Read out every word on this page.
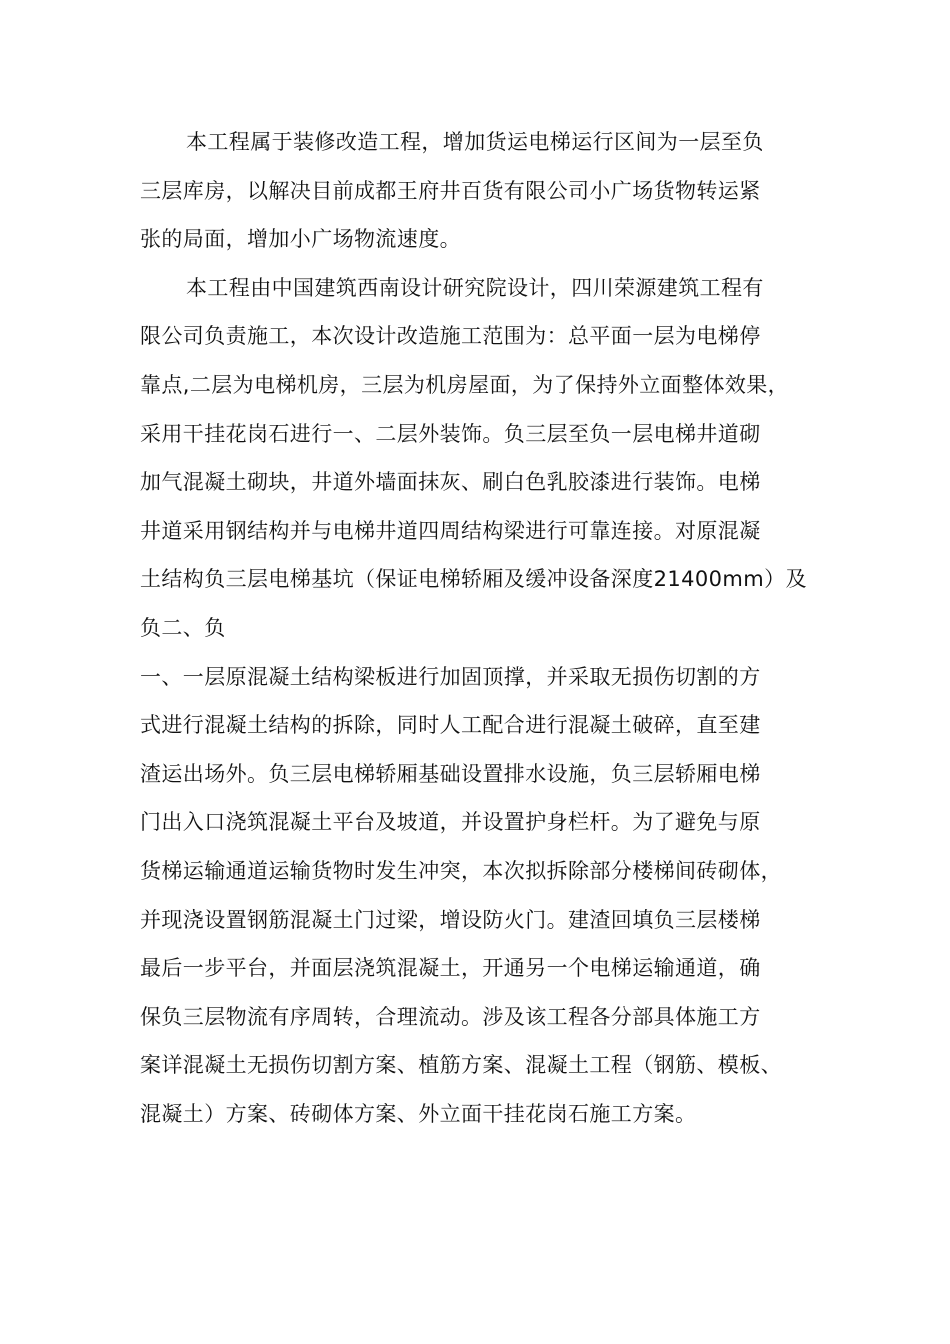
本工程属于装修改造工程，增加货运电梯运行区间为一层至负
三层库房，以解决目前成都王府井百货有限公司小广场货物转运紧
张的局面，增加小广场物流速度。
本工程由中国建筑西南设计研究院设计，四川荣源建筑工程有
限公司负责施工，本次设计改造施工范围为：总平面一层为电梯停
靠点,二层为电梯机房，三层为机房屋面，为了保持外立面整体效果，
采用干挂花岗石进行一、二层外装饰。负三层至负一层电梯井道砌
加气混凝土砌块，井道外墙面抹灰、刷白色乳胶漆进行装饰。电梯
井道采用钢结构并与电梯井道四周结构梁进行可靠连接。对原混凝
土结构负三层电梯基坑（保证电梯轿厢及缓冲设备深度21400mm）及
负二、负
一、一层原混凝土结构梁板进行加固顶撑，并采取无损伤切割的方
式进行混凝土结构的拆除，同时人工配合进行混凝土破碎，直至建
渣运出场外。负三层电梯轿厢基础设置排水设施，负三层轿厢电梯
门出入口浇筑混凝土平台及坡道，并设置护身栏杆。为了避免与原
货梯运输通道运输货物时发生冲突，本次拟拆除部分楼梯间砖砌体，
并现浇设置钢筋混凝土门过梁，增设防火门。建渣回填负三层楼梯
最后一步平台，并面层浇筑混凝土，开通另一个电梯运输通道，确
保负三层物流有序周转，合理流动。涉及该工程各分部具体施工方
案详混凝土无损伤切割方案、植筋方案、混凝土工程（钢筋、模板、
混凝土）方案、砖砌体方案、外立面干挂花岗石施工方案。
